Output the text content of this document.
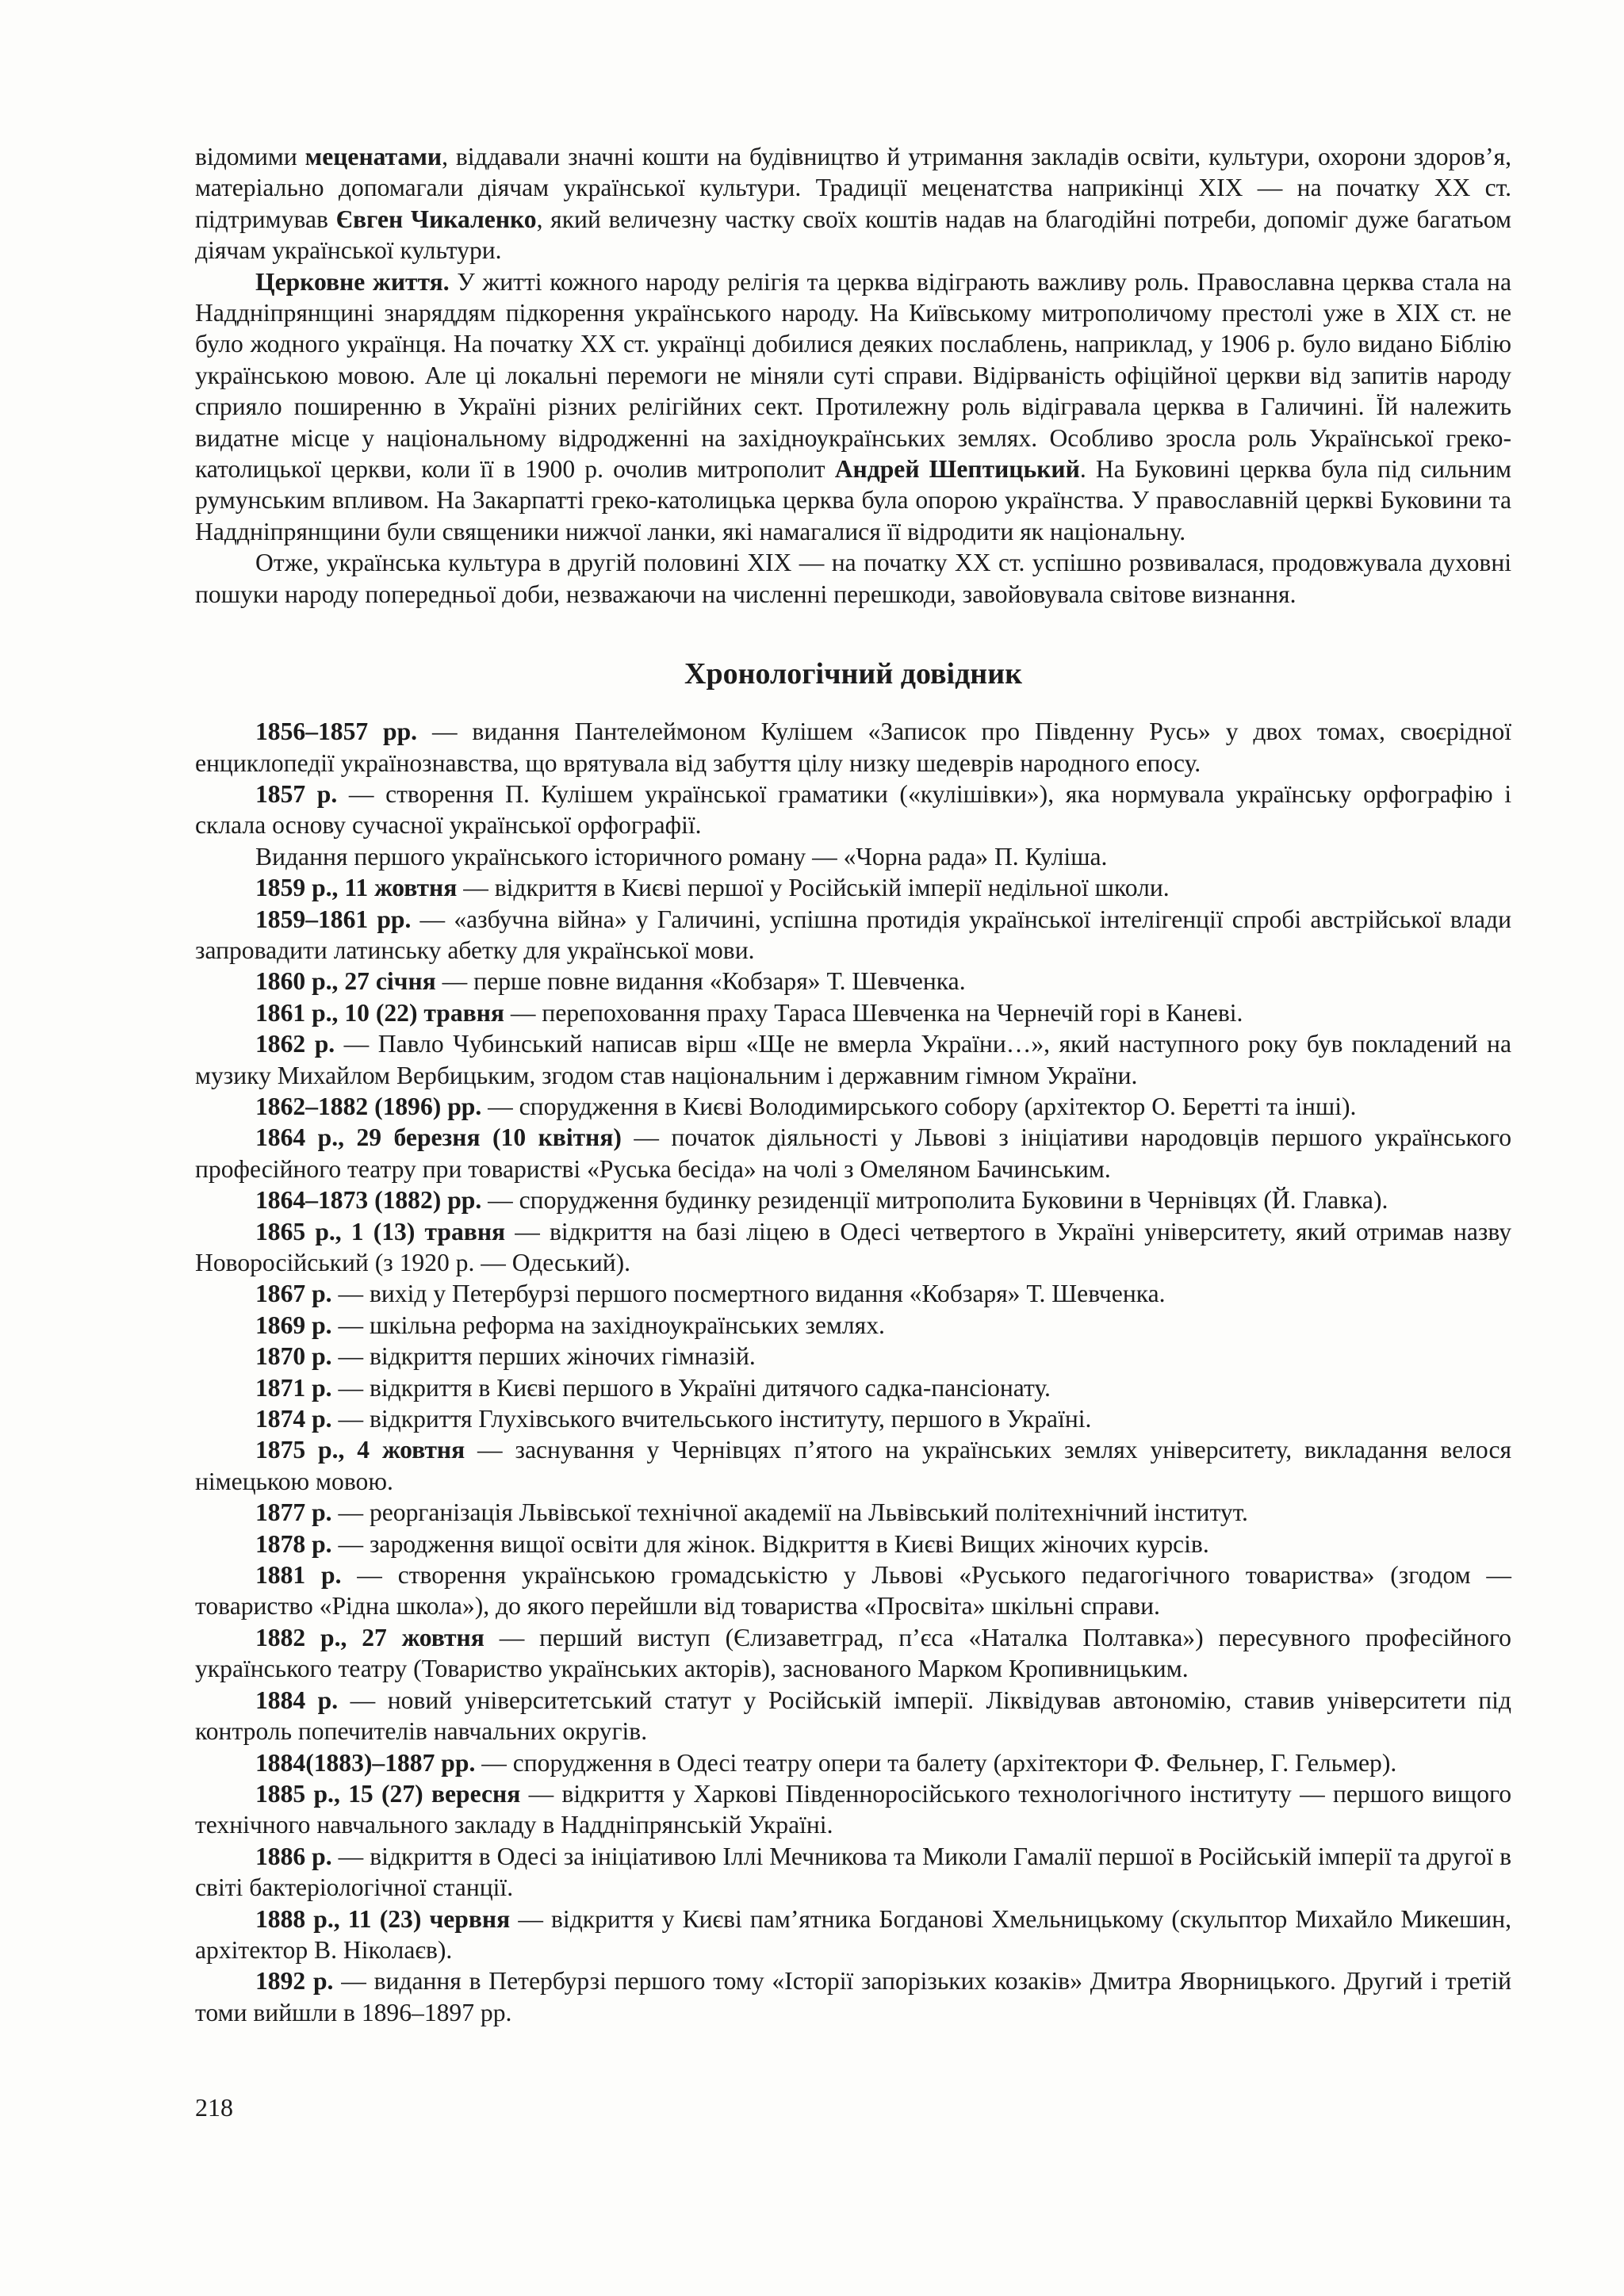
відомими меценатами, віддавали значні кошти на будівництво й утримання закладів освіти, культури, охорони здоров’я, матеріально допомагали діячам української культури. Традиції меценатства наприкінці XIX — на початку XX ст. підтримував Євген Чикаленко, який величезну частку своїх коштів надав на благодійні потреби, допоміг дуже багатьом діячам української культури.

Церковне життя. У житті кожного народу релігія та церква відіграють важливу роль. Православна церква стала на Наддніпрянщині знаряддям підкорення українського народу. На Київському митрополичому престолі уже в XIX ст. не було жодного українця. На початку XX ст. українці добилися деяких послаблень, наприклад, у 1906 р. було видано Біблію українською мовою. Але ці локальні перемоги не міняли суті справи. Відірваність офіційної церкви від запитів народу сприяло поширенню в Україні різних релігійних сект. Протилежну роль відігравала церква в Галичині. Їй належить видатне місце у національному відродженні на західноукраїнських землях. Особливо зросла роль Української греко-католицької церкви, коли її в 1900 р. очолив митрополит Андрей Шептицький. На Буковині церква була під сильним румунським впливом. На Закарпатті греко-католицька церква була опорою українства. У православній церкві Буковини та Наддніпрянщини були священики нижчої ланки, які намагалися її відродити як національну.

Отже, українська культура в другій половині XIX — на початку XX ст. успішно розвивалася, продовжувала духовні пошуки народу попередньої доби, незважаючи на численні перешкоди, завойовувала світове визнання.

Хронологічний довідник

1856–1857 рр. — видання Пантелеймоном Кулішем «Записок про Південну Русь» у двох томах, своєрідної енциклопедії українознавства, що врятувала від забуття цілу низку шедеврів народного епосу.

1857 р. — створення П. Кулішем української граматики («кулішівки»), яка нормувала українську орфографію і склала основу сучасної української орфографії.

Видання першого українського історичного роману — «Чорна рада» П. Куліша.

1859 р., 11 жовтня — відкриття в Києві першої у Російській імперії недільної школи.

1859–1861 рр. — «азбучна війна» у Галичині, успішна протидія української інтелігенції спробі австрійської влади запровадити латинську абетку для української мови.

1860 р., 27 січня — перше повне видання «Кобзаря» Т. Шевченка.

1861 р., 10 (22) травня — перепоховання праху Тараса Шевченка на Чернечій горі в Каневі.

1862 р. — Павло Чубинський написав вірш «Ще не вмерла України…», який наступного року був покладений на музику Михайлом Вербицьким, згодом став національним і державним гімном України.

1862–1882 (1896) рр. — спорудження в Києві Володимирського собору (архітектор О. Беретті та інші).

1864 р., 29 березня (10 квітня) — початок діяльності у Львові з ініціативи народовців першого українського професійного театру при товаристві «Руська бесіда» на чолі з Омеляном Бачинським.

1864–1873 (1882) рр. — спорудження будинку резиденції митрополита Буковини в Чернівцях (Й. Главка).

1865 р., 1 (13) травня — відкриття на базі ліцею в Одесі четвертого в Україні університету, який отримав назву Новоросійський (з 1920 р. — Одеський).

1867 р. — вихід у Петербурзі першого посмертного видання «Кобзаря» Т. Шевченка.

1869 р. — шкільна реформа на західноукраїнських землях.

1870 р. — відкриття перших жіночих гімназій.

1871 р. — відкриття в Києві першого в Україні дитячого садка-пансіонату.

1874 р. — відкриття Глухівського вчительського інституту, першого в Україні.

1875 р., 4 жовтня — заснування у Чернівцях п’ятого на українських землях університету, викладання велося німецькою мовою.

1877 р. — реорганізація Львівської технічної академії на Львівський політехнічний інститут.

1878 р. — зародження вищої освіти для жінок. Відкриття в Києві Вищих жіночих курсів.

1881 р. — створення українською громадськістю у Львові «Руського педагогічного товариства» (згодом — товариство «Рідна школа»), до якого перейшли від товариства «Просвіта» шкільні справи.

1882 р., 27 жовтня — перший виступ (Єлизаветград, п’єса «Наталка Полтавка») пересувного професійного українського театру (Товариство українських акторів), заснованого Марком Кропивницьким.

1884 р. — новий університетський статут у Російській імперії. Ліквідував автономію, ставив університети під контроль попечителів навчальних округів.

1884(1883)–1887 рр. — спорудження в Одесі театру опери та балету (архітектори Ф. Фельнер, Г. Гельмер).

1885 р., 15 (27) вересня — відкриття у Харкові Південноросійського технологічного інституту — першого вищого технічного навчального закладу в Наддніпрянській Україні.

1886 р. — відкриття в Одесі за ініціативою Іллі Мечникова та Миколи Гамалії першої в Російській імперії та другої в світі бактеріологічної станції.

1888 р., 11 (23) червня — відкриття у Києві пам’ятника Богданові Хмельницькому (скульптор Михайло Микешин, архітектор В. Ніколаєв).

1892 р. — видання в Петербурзі першого тому «Історії запорізьких козаків» Дмитра Яворницького. Другий і третій томи вийшли в 1896–1897 рр.

218
